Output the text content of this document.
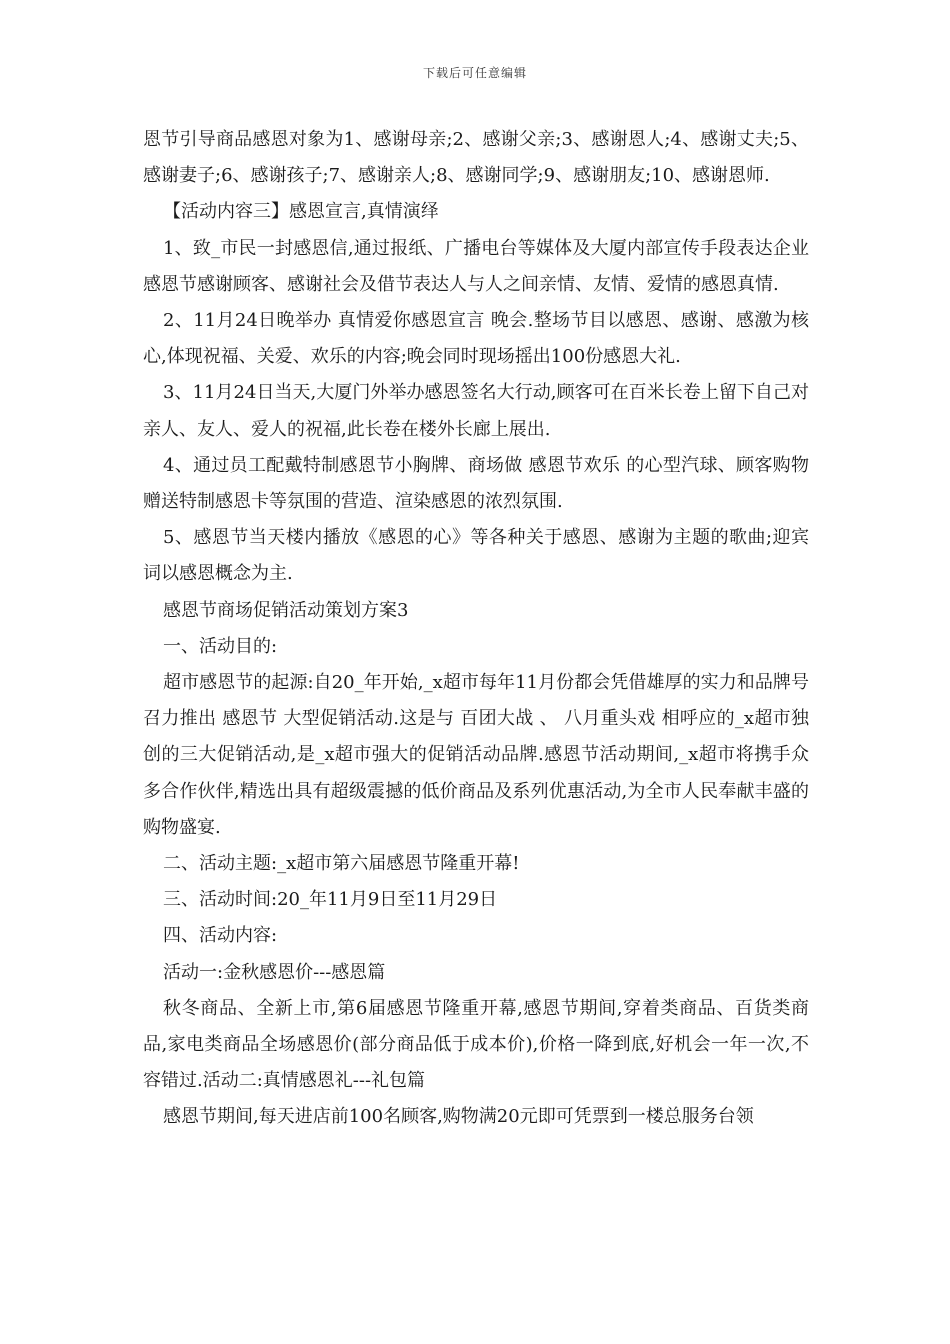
下载后可任意编辑

恩节引导商品感恩对象为1、感谢母亲;2、感谢父亲;3、感谢恩人;4、感谢丈夫;5、感谢妻子;6、感谢孩子;7、感谢亲人;8、感谢同学;9、感谢朋友;10、感谢恩师.

【活动内容三】感恩宣言,真情演绎

1、致_市民一封感恩信,通过报纸、广播电台等媒体及大厦内部宣传手段表达企业感恩节感谢顾客、感谢社会及借节表达人与人之间亲情、友情、爱情的感恩真情.

2、11月24日晚举办 真情爱你感恩宣言 晚会.整场节目以感恩、感谢、感激为核心,体现祝福、关爱、欢乐的内容;晚会同时现场摇出100份感恩大礼.

3、11月24日当天,大厦门外举办感恩签名大行动,顾客可在百米长卷上留下自己对亲人、友人、爱人的祝福,此长卷在楼外长廊上展出.

4、通过员工配戴特制感恩节小胸牌、商场做 感恩节欢乐 的心型汽球、顾客购物赠送特制感恩卡等氛围的营造、渲染感恩的浓烈氛围.

5、感恩节当天楼内播放《感恩的心》等各种关于感恩、感谢为主题的歌曲;迎宾词以感恩概念为主.

感恩节商场促销活动策划方案3

一、活动目的:

超市感恩节的起源:自20_年开始,_x超市每年11月份都会凭借雄厚的实力和品牌号召力推出 感恩节 大型促销活动.这是与 百团大战 、 八月重头戏 相呼应的_x超市独创的三大促销活动,是_x超市强大的促销活动品牌.感恩节活动期间,_x超市将携手众多合作伙伴,精选出具有超级震撼的低价商品及系列优惠活动,为全市人民奉献丰盛的购物盛宴.

二、活动主题:_x超市第六届感恩节隆重开幕!

三、活动时间:20_年11月9日至11月29日

四、活动内容:

活动一:金秋感恩价---感恩篇

秋冬商品、全新上市,第6届感恩节隆重开幕,感恩节期间,穿着类商品、百货类商品,家电类商品全场感恩价(部分商品低于成本价),价格一降到底,好机会一年一次,不容错过.活动二:真情感恩礼---礼包篇

感恩节期间,每天进店前100名顾客,购物满20元即可凭票到一楼总服务台领
